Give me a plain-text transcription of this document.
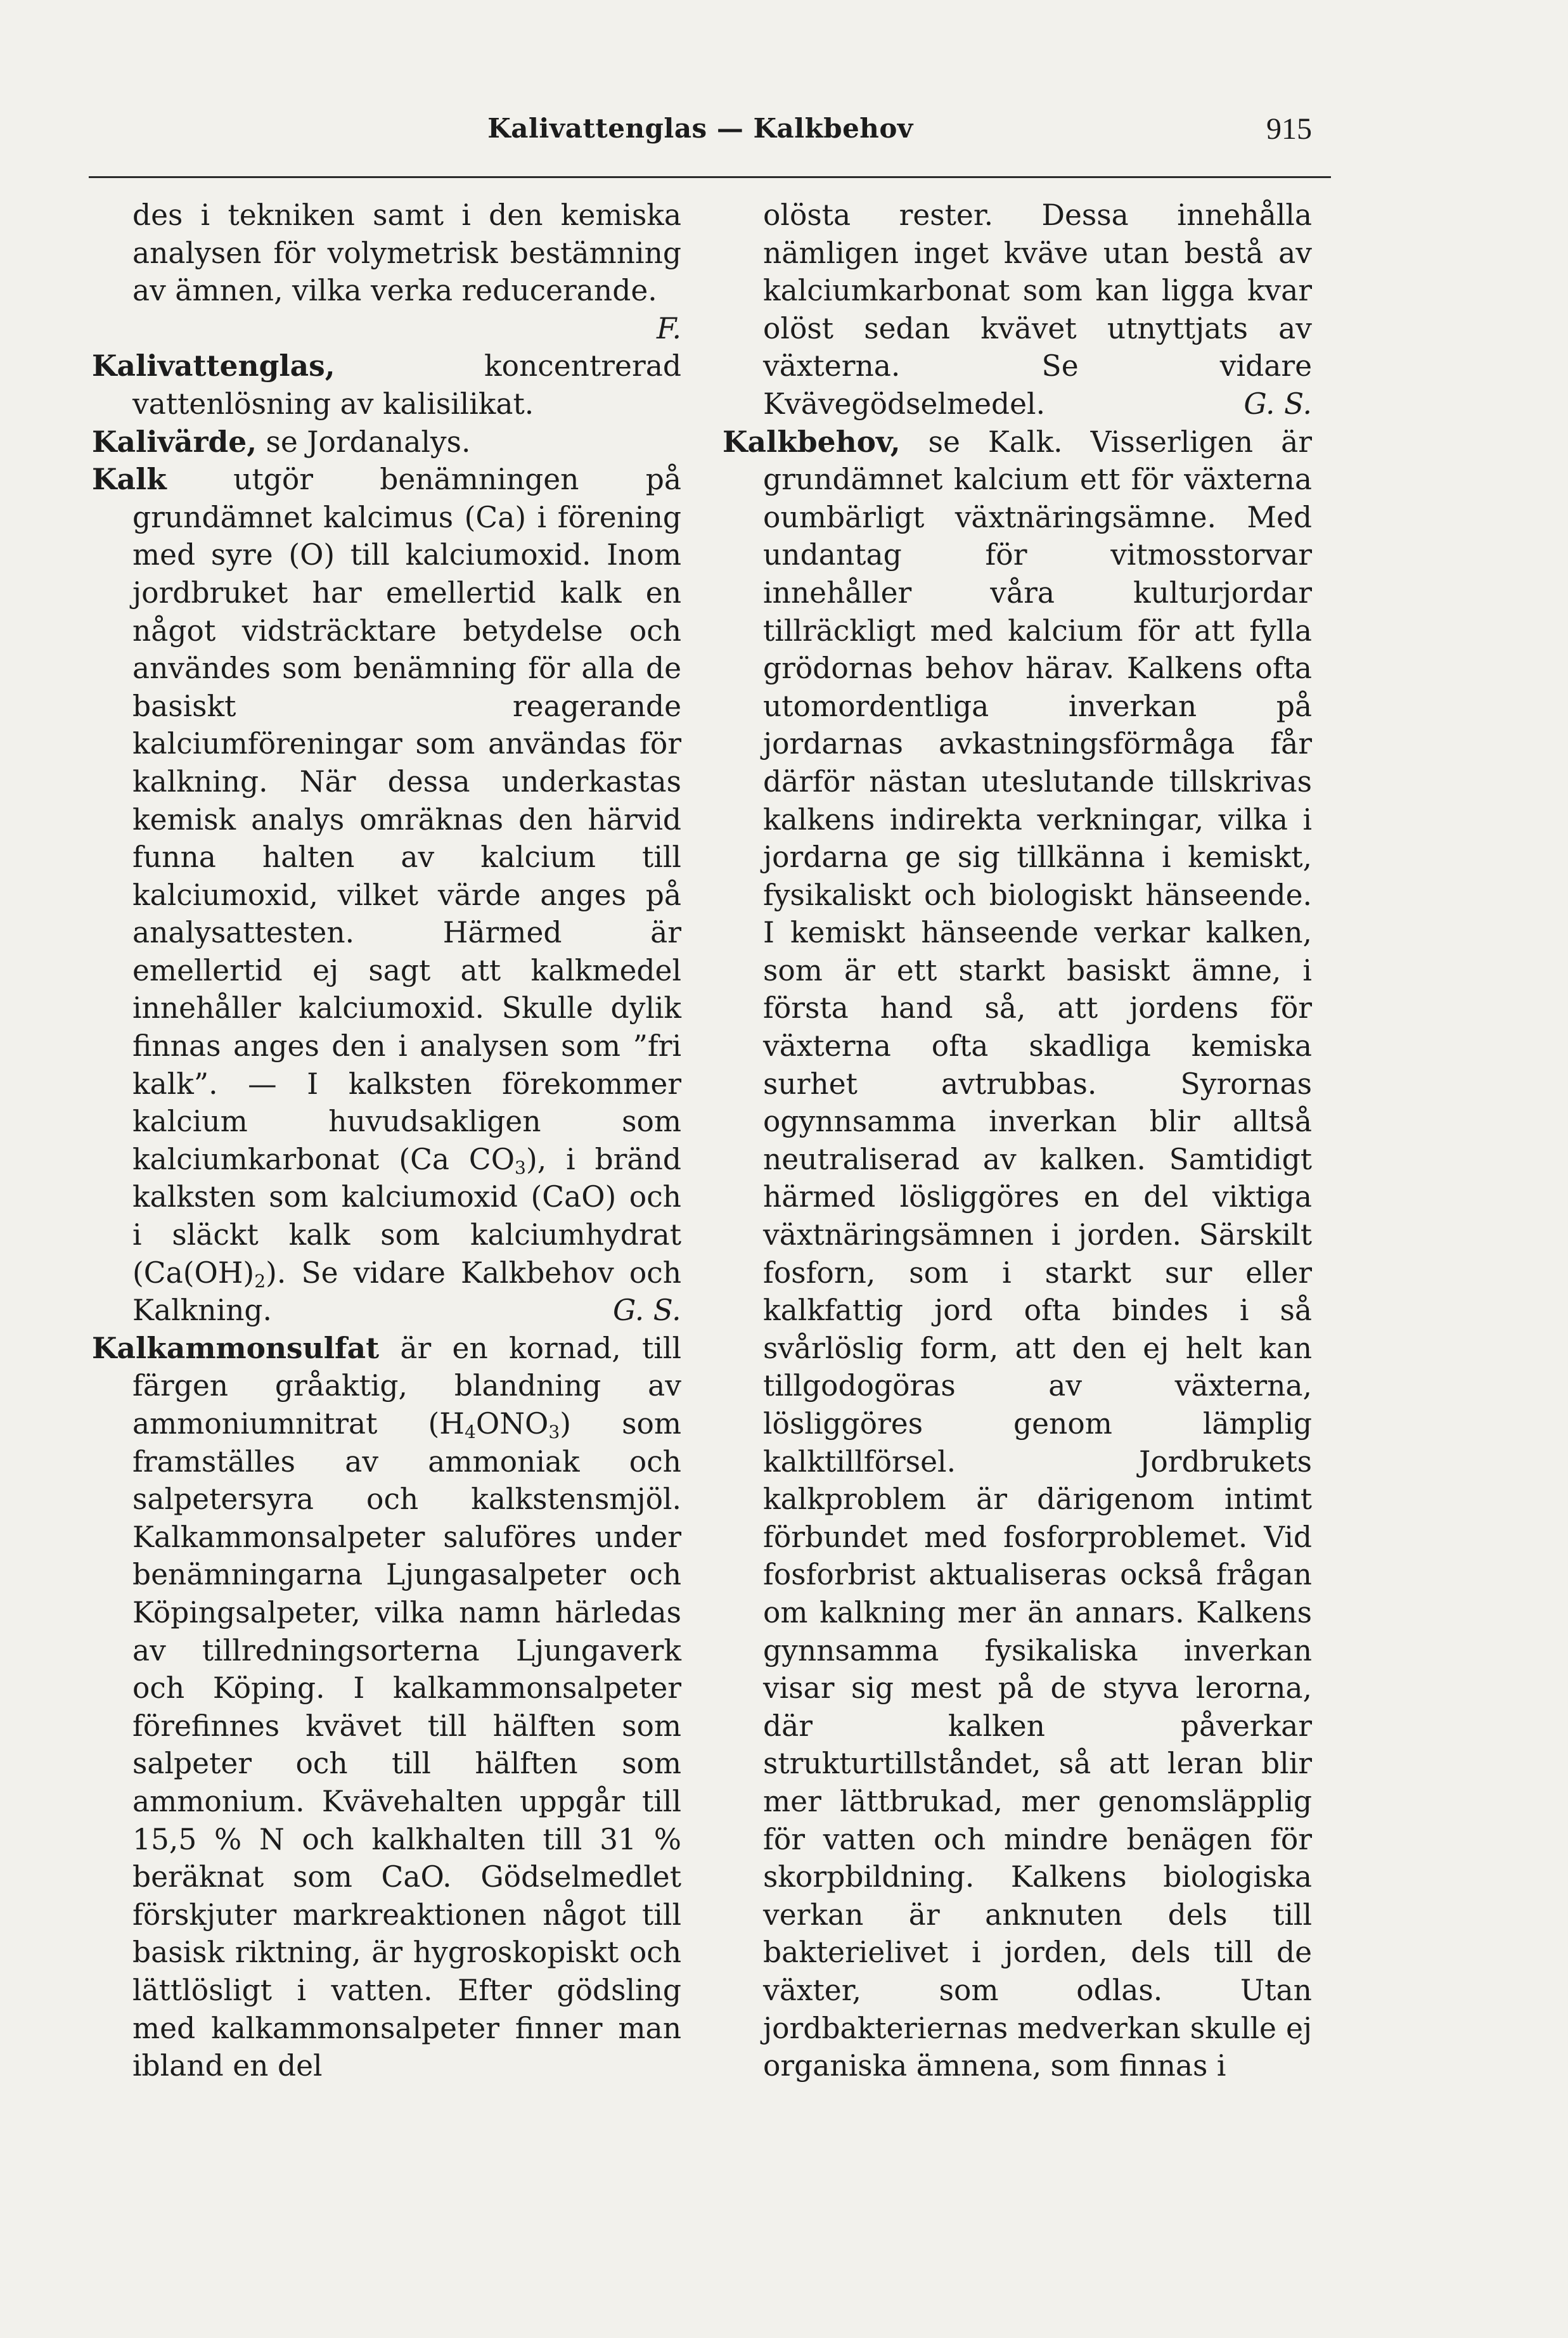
Kalivattenglas — Kalkbehov	915

des i tekniken samt i den kemiska analysen för volymetrisk bestämning av ämnen, vilka verka reducerande.
F.

Kalivattenglas, koncentrerad vattenlösning av kalisilikat.

Kalivärde, se Jordanalys.

Kalk utgör benämningen på grundämnet kalcimus (Ca) i förening med syre (O) till kalciumoxid. Inom jordbruket har emellertid kalk en något vidsträcktare betydelse och användes som benämning för alla de basiskt reagerande kalciumföreningar som användas för kalkning. När dessa underkastas kemisk analys omräknas den härvid funna halten av kalcium till kalciumoxid, vilket värde anges på analysattesten. Härmed är emellertid ej sagt att kalkmedel innehåller kalciumoxid. Skulle dylik finnas anges den i analysen som ”fri kalk”. — I kalksten förekommer kalcium huvudsakligen som kalciumkarbonat (Ca $CO_3$), i bränd kalksten som kalciumoxid (CaO) och i släckt kalk som kalciumhydrat $(Ca(OH)_2)$. Se vidare Kalkbehov och Kalkning.	G. S.

Kalkammonsulfat är en kornad, till färgen gråaktig, blandning av ammoniumnitrat $(H_4ONO_3)$ som framställes av ammoniak och salpetersyra och kalkstensmjöl. Kalkammonsalpeter saluföres under benämningarna Ljungasalpeter och Köpingsalpeter, vilka namn härledas av tillredningsorterna Ljungaverk och Köping. I kalkammonsalpeter förefinnes kvävet till hälften som salpeter och till hälften som ammonium. Kvävehalten uppgår till 15,5 % N och kalkhalten till 31 % beräknat som CaO. Gödselmedlet förskjuter markreaktionen något till basisk riktning, är hygroskopiskt och lättlösligt i vatten. Efter gödsling med kalkammonsalpeter finner man ibland en del

olösta rester. Dessa innehålla nämligen inget kväve utan bestå av kalciumkarbonat som kan ligga kvar olöst sedan kvävet utnyttjats av växterna. Se vidare Kvävegödselmedel.	G. S.

Kalkbehov, se Kalk. Visserligen är grundämnet kalcium ett för växterna oumbärligt växtnäringsämne. Med undantag för vitmosstorvar innehåller våra kulturjordar tillräckligt med kalcium för att fylla grödornas behov härav. Kalkens ofta utomordentliga inverkan på jordarnas avkastningsförmåga får därför nästan uteslutande tillskrivas kalkens indirekta verkningar, vilka i jordarna ge sig tillkänna i kemiskt, fysikaliskt och biologiskt hänseende. I kemiskt hänseende verkar kalken, som är ett starkt basiskt ämne, i första hand så, att jordens för växterna ofta skadliga kemiska surhet avtrubbas. Syrornas ogynnsamma inverkan blir alltså neutraliserad av kalken. Samtidigt härmed lösliggöres en del viktiga växtnäringsämnen i jorden. Särskilt fosforn, som i starkt sur eller kalkfattig jord ofta bindes i så svårlöslig form, att den ej helt kan tillgodogöras av växterna, lösliggöres genom lämplig kalktillförsel. Jordbrukets kalkproblem är därigenom intimt förbundet med fosforproblemet. Vid fosforbrist aktualiseras också frågan om kalkning mer än annars. Kalkens gynnsamma fysikaliska inverkan visar sig mest på de styva lerorna, där kalken påverkar strukturtillståndet, så att leran blir mer lättbrukad, mer genomsläpplig för vatten och mindre benägen för skorpbildning. Kalkens biologiska verkan är anknuten dels till bakterielivet i jorden, dels till de växter, som odlas. Utan jordbakteriernas medverkan skulle ej organiska ämnena, som finnas i
